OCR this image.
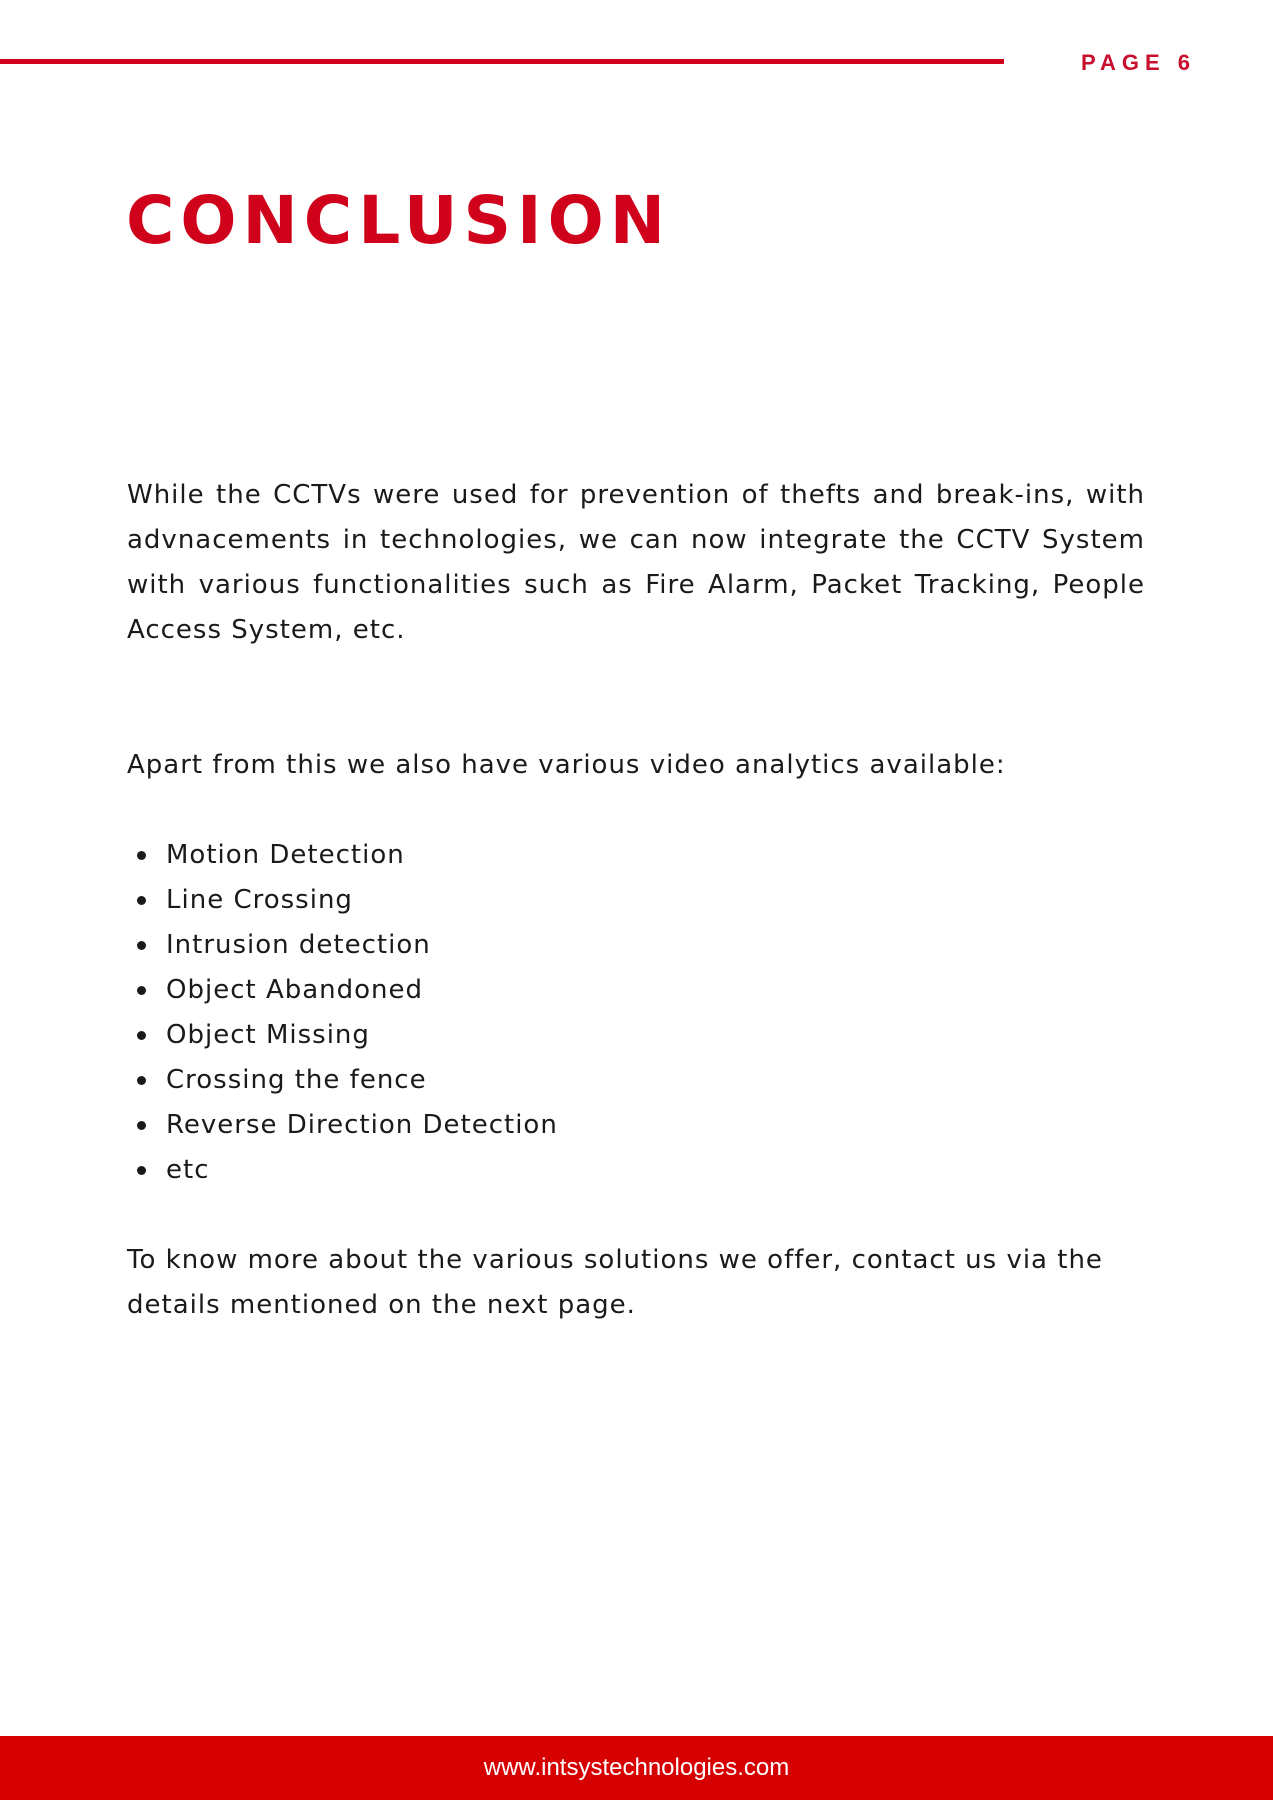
PAGE 6
CONCLUSION

While the CCTVs were used for prevention of thefts and break-ins, with advnacements in technologies, we can now integrate the CCTV System with various functionalities such as Fire Alarm, Packet Tracking, People Access System, etc.

Apart from this we also have various video analytics available:

Motion Detection
Line Crossing
Intrusion detection
Object Abandoned
Object Missing
Crossing the fence
Reverse Direction Detection
etc

To know more about the various solutions we offer, contact us via the details mentioned on the next page.

www.intsystechnologies.com
